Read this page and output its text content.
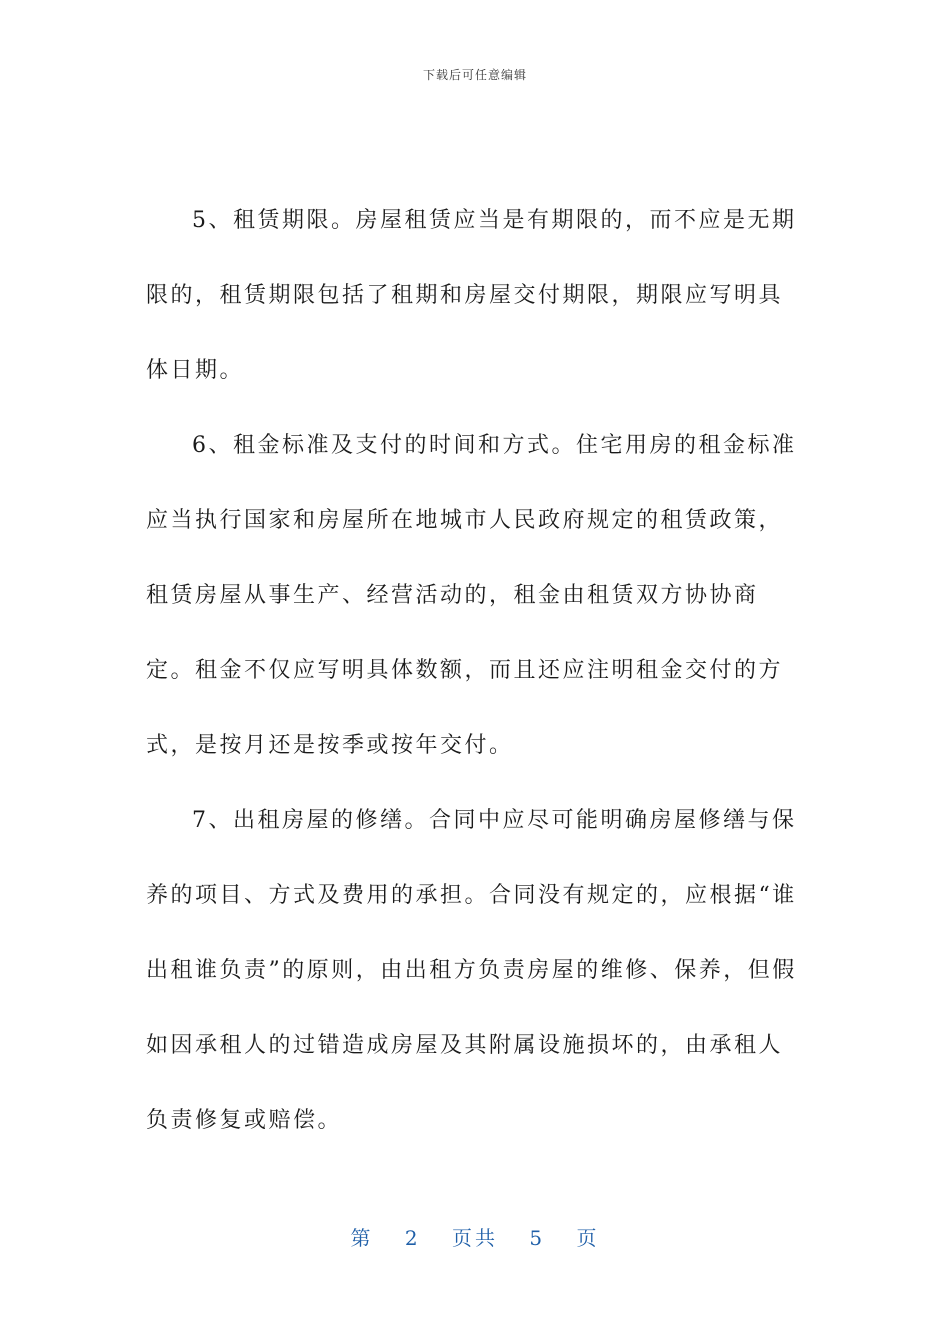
下载后可任意编辑

5、租赁期限。房屋租赁应当是有期限的，而不应是无期限的，租赁期限包括了租期和房屋交付期限，期限应写明具体日期。

6、租金标准及支付的时间和方式。住宅用房的租金标准应当执行国家和房屋所在地城市人民政府规定的租赁政策，租赁房屋从事生产、经营活动的，租金由租赁双方协协商定。租金不仅应写明具体数额，而且还应注明租金交付的方式，是按月还是按季或按年交付。

7、出租房屋的修缮。合同中应尽可能明确房屋修缮与保养的项目、方式及费用的承担。合同没有规定的，应根据“谁出租谁负责”的原则，由出租方负责房屋的维修、保养，但假如因承租人的过错造成房屋及其附属设施损坏的，由承租人负责修复或赔偿。

第 2 页共 5 页
